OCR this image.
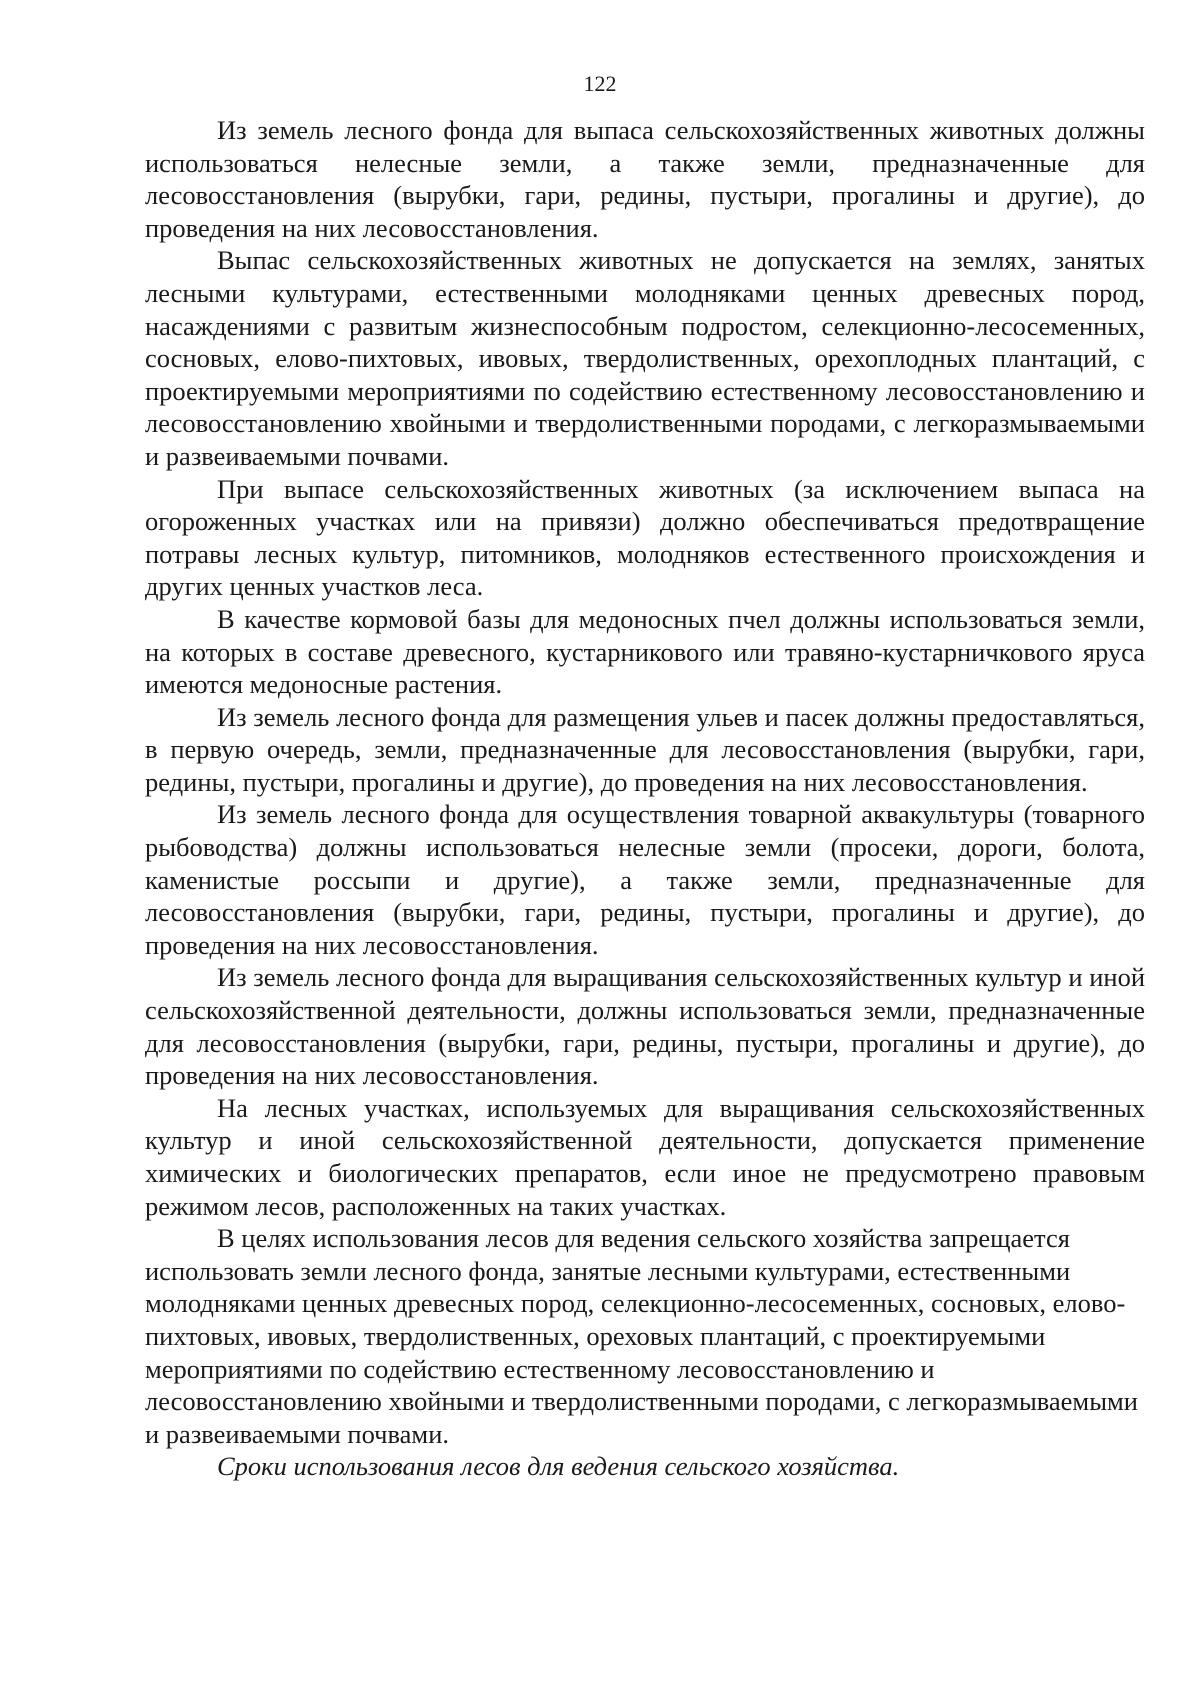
122

Из земель лесного фонда для выпаса сельскохозяйственных животных должны использоваться нелесные земли, а также земли, предназначенные для лесовосстановления (вырубки, гари, редины, пустыри, прогалины и другие), до проведения на них лесовосстановления.

Выпас сельскохозяйственных животных не допускается на землях, занятых лесными культурами, естественными молодняками ценных древесных пород, насаждениями с развитым жизнеспособным подростом, селекционно-лесосеменных, сосновых, елово-пихтовых, ивовых, твердолиственных, орехоплодных плантаций, с проектируемыми мероприятиями по содействию естественному лесовосстановлению и лесовосстановлению хвойными и твердолиственными породами, с легкоразмываемыми и развеиваемыми почвами.

При выпасе сельскохозяйственных животных (за исключением выпаса на огороженных участках или на привязи) должно обеспечиваться предотвращение потравы лесных культур, питомников, молодняков естественного происхождения и других ценных участков леса.

В качестве кормовой базы для медоносных пчел должны использоваться земли, на которых в составе древесного, кустарникового или травяно-кустарничкового яруса имеются медоносные растения.

Из земель лесного фонда для размещения ульев и пасек должны предоставляться, в первую очередь, земли, предназначенные для лесовосстановления (вырубки, гари, редины, пустыри, прогалины и другие), до проведения на них лесовосстановления.

Из земель лесного фонда для осуществления товарной аквакультуры (товарного рыбоводства) должны использоваться нелесные земли (просеки, дороги, болота, каменистые россыпи и другие), а также земли, предназначенные для лесовосстановления (вырубки, гари, редины, пустыри, прогалины и другие), до проведения на них лесовосстановления.

Из земель лесного фонда для выращивания сельскохозяйственных культур и иной сельскохозяйственной деятельности, должны использоваться земли, предназначенные для лесовосстановления (вырубки, гари, редины, пустыри, прогалины и другие), до проведения на них лесовосстановления.

На лесных участках, используемых для выращивания сельскохозяйственных культур и иной сельскохозяйственной деятельности, допускается применение химических и биологических препаратов, если иное не предусмотрено правовым режимом лесов, расположенных на таких участках.

В целях использования лесов для ведения сельского хозяйства запрещается использовать земли лесного фонда, занятые лесными культурами, естественными молодняками ценных древесных пород, селекционно-лесосеменных, сосновых, елово-пихтовых, ивовых, твердолиственных, ореховых плантаций, с проектируемыми мероприятиями по содействию естественному лесовосстановлению и лесовосстановлению хвойными и твердолиственными породами, с легкоразмываемыми и развеиваемыми почвами.

Сроки использования лесов для ведения сельского хозяйства.
